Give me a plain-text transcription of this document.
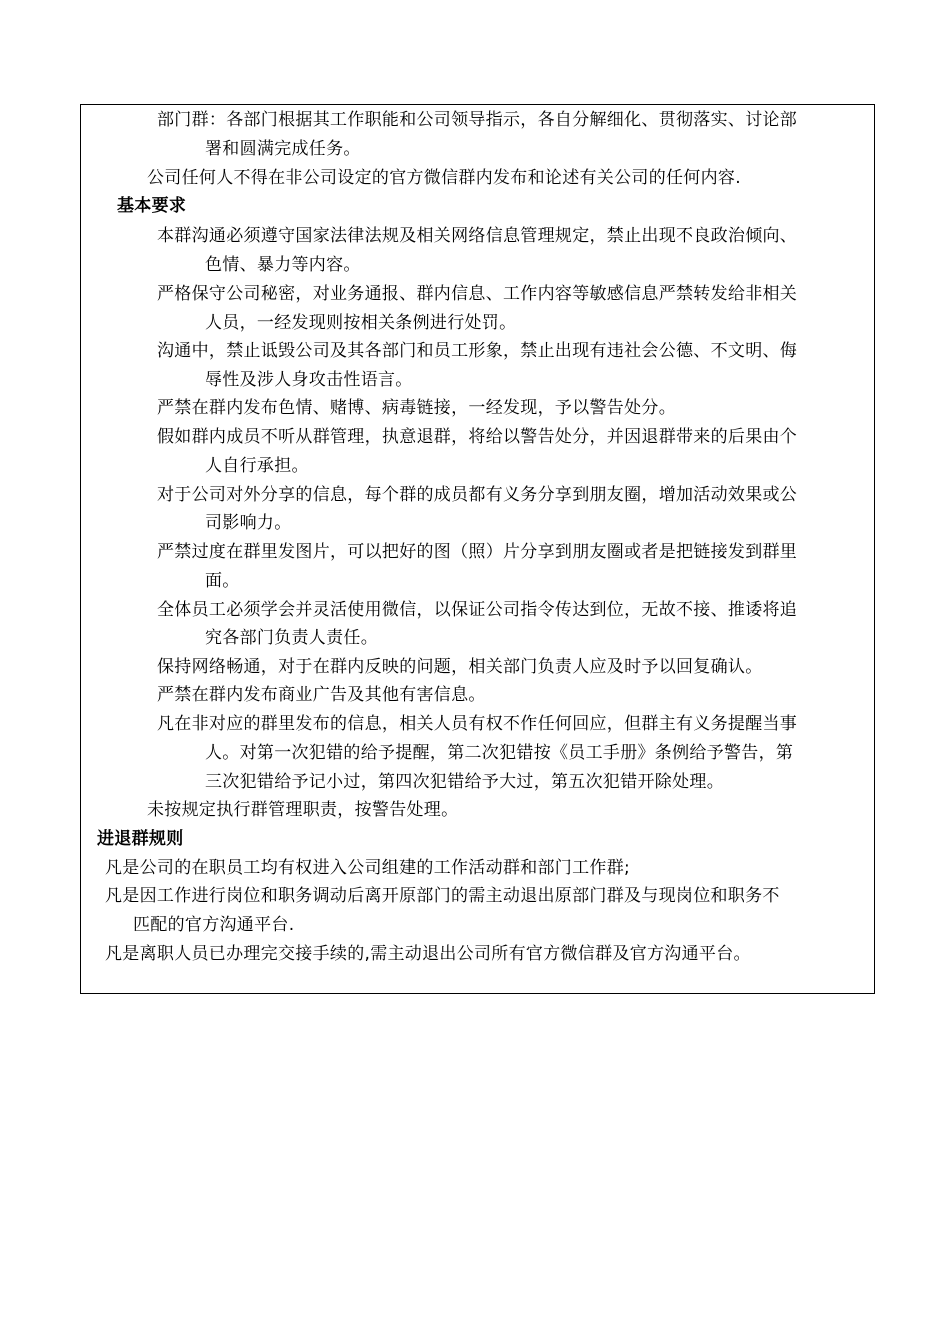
部门群：各部门根据其工作职能和公司领导指示，各自分解细化、贯彻落实、讨论部
署和圆满完成任务。
公司任何人不得在非公司设定的官方微信群内发布和论述有关公司的任何内容.
基本要求
本群沟通必须遵守国家法律法规及相关网络信息管理规定，禁止出现不良政治倾向、
色情、暴力等内容。
严格保守公司秘密，对业务通报、群内信息、工作内容等敏感信息严禁转发给非相关
人员，一经发现则按相关条例进行处罚。
沟通中，禁止诋毁公司及其各部门和员工形象，禁止出现有违社会公德、不文明、侮
辱性及涉人身攻击性语言。
严禁在群内发布色情、赌博、病毒链接，一经发现，予以警告处分。
假如群内成员不听从群管理，执意退群，将给以警告处分，并因退群带来的后果由个
人自行承担。
对于公司对外分享的信息，每个群的成员都有义务分享到朋友圈，增加活动效果或公
司影响力。
严禁过度在群里发图片，可以把好的图（照）片分享到朋友圈或者是把链接发到群里
面。
全体员工必须学会并灵活使用微信，以保证公司指令传达到位，无故不接、推诿将追
究各部门负责人责任。
保持网络畅通，对于在群内反映的问题，相关部门负责人应及时予以回复确认。
严禁在群内发布商业广告及其他有害信息。
凡在非对应的群里发布的信息，相关人员有权不作任何回应，但群主有义务提醒当事
人。对第一次犯错的给予提醒，第二次犯错按《员工手册》条例给予警告，第
三次犯错给予记小过，第四次犯错给予大过，第五次犯错开除处理。
未按规定执行群管理职责，按警告处理。
进退群规则
凡是公司的在职员工均有权进入公司组建的工作活动群和部门工作群;
凡是因工作进行岗位和职务调动后离开原部门的需主动退出原部门群及与现岗位和职务不
匹配的官方沟通平台.
凡是离职人员已办理完交接手续的,需主动退出公司所有官方微信群及官方沟通平台。
